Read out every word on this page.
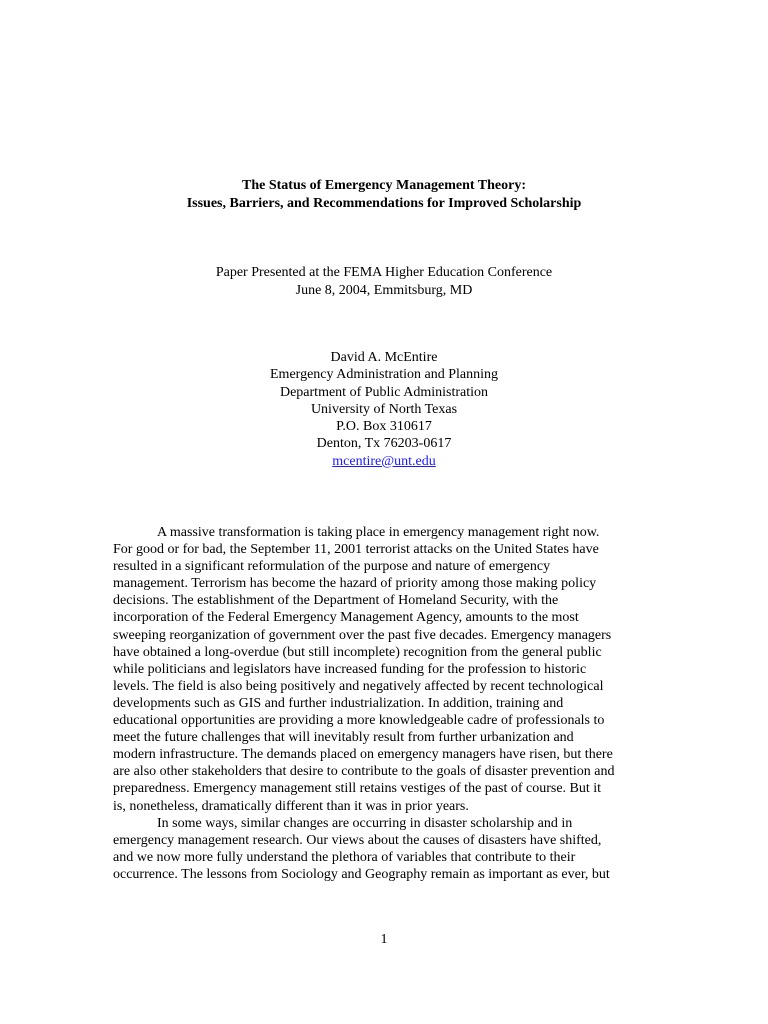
The Status of Emergency Management Theory:
Issues, Barriers, and Recommendations for Improved Scholarship
Paper Presented at the FEMA Higher Education Conference
June 8, 2004, Emmitsburg, MD
David A. McEntire
Emergency Administration and Planning
Department of Public Administration
University of North Texas
P.O. Box 310617
Denton, Tx 76203-0617
mcentire@unt.edu
A massive transformation is taking place in emergency management right now.
For good or for bad, the September 11, 2001 terrorist attacks on the United States have
resulted in a significant reformulation of the purpose and nature of emergency
management. Terrorism has become the hazard of priority among those making policy
decisions. The establishment of the Department of Homeland Security, with the
incorporation of the Federal Emergency Management Agency, amounts to the most
sweeping reorganization of government over the past five decades. Emergency managers
have obtained a long-overdue (but still incomplete) recognition from the general public
while politicians and legislators have increased funding for the profession to historic
levels. The field is also being positively and negatively affected by recent technological
developments such as GIS and further industrialization. In addition, training and
educational opportunities are providing a more knowledgeable cadre of professionals to
meet the future challenges that will inevitably result from further urbanization and
modern infrastructure. The demands placed on emergency managers have risen, but there
are also other stakeholders that desire to contribute to the goals of disaster prevention and
preparedness. Emergency management still retains vestiges of the past of course. But it
is, nonetheless, dramatically different than it was in prior years.
In some ways, similar changes are occurring in disaster scholarship and in
emergency management research. Our views about the causes of disasters have shifted,
and we now more fully understand the plethora of variables that contribute to their
occurrence. The lessons from Sociology and Geography remain as important as ever, but
1
